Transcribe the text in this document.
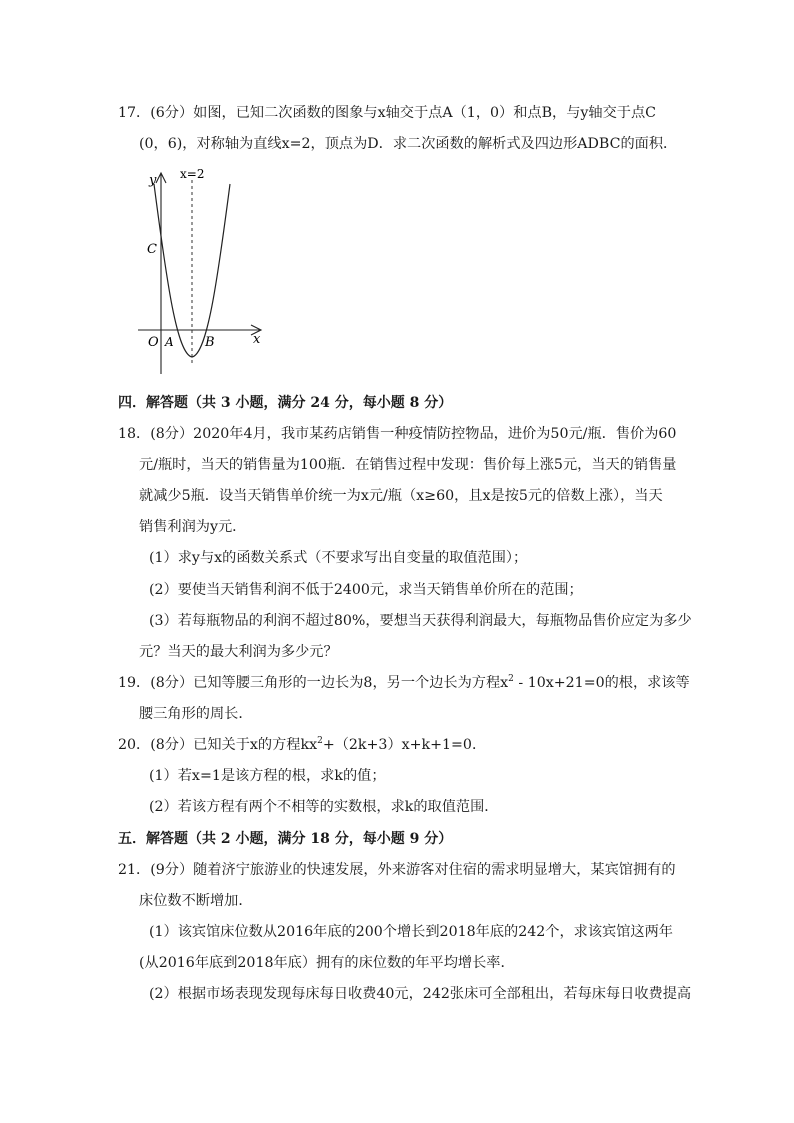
17．(6分）如图，已知二次函数的图象与x轴交于点A（1，0）和点B，与y轴交于点C
(0，6)，对称轴为直线x=2，顶点为D．求二次函数的解析式及四边形ADBC的面积．
y
x
x=2
C
O A B
四．解答题（共 3 小题，满分 24 分，每小题 8 分）
18．(8分）2020年4月，我市某药店销售一种疫情防控物品，进价为50元/瓶．售价为60
元/瓶时，当天的销售量为100瓶．在销售过程中发现：售价每上涨5元，当天的销售量
就减少5瓶．设当天销售单价统一为x元/瓶（x≥60，且x是按5元的倍数上涨），当天
销售利润为y元．
(1）求y与x的函数关系式（不要求写出自变量的取值范围）；
(2）要使当天销售利润不低于2400元，求当天销售单价所在的范围；
(3）若每瓶物品的利润不超过80%，要想当天获得利润最大，每瓶物品售价应定为多少
元？当天的最大利润为多少元？
19．(8分）已知等腰三角形的一边长为8，另一个边长为方程$x^2 - 10x+21=0$的根，求该等
腰三角形的周长．
20．(8分）已知关于x的方程$kx^2+(2k+3)x+k+1=0$．
(1）若x=1是该方程的根，求k的值；
(2）若该方程有两个不相等的实数根，求k的取值范围．
五．解答题（共 2 小题，满分 18 分，每小题 9 分）
21．(9分）随着济宁旅游业的快速发展，外来游客对住宿的需求明显增大，某宾馆拥有的
床位数不断增加．
(1）该宾馆床位数从2016年底的200个增长到2018年底的242个，求该宾馆这两年
(从2016年底到2018年底）拥有的床位数的年平均增长率．
(2）根据市场表现发现每床每日收费40元，242张床可全部租出，若每床每日收费提高
